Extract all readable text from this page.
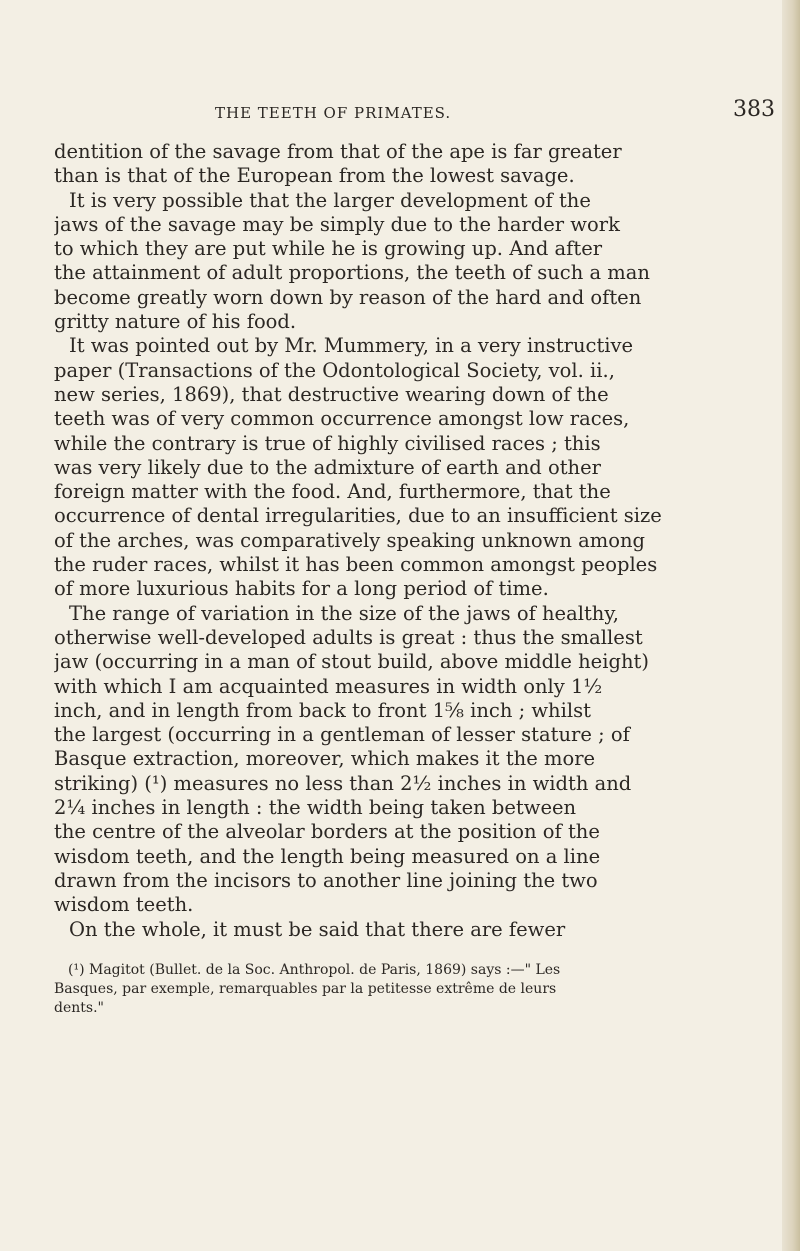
THE TEETH OF PRIMATES.	383
dentition of the savage from that of the ape is far greater
than is that of the European from the lowest savage.
It is very possible that the larger development of the
jaws of the savage may be simply due to the harder work
to which they are put while he is growing up. And after
the attainment of adult proportions, the teeth of such a man
become greatly worn down by reason of the hard and often
gritty nature of his food.
It was pointed out by Mr. Mummery, in a very instructive
paper (Transactions of the Odontological Society, vol. ii.,
new series, 1869), that destructive wearing down of the
teeth was of very common occurrence amongst low races,
while the contrary is true of highly civilised races ; this
was very likely due to the admixture of earth and other
foreign matter with the food. And, furthermore, that the
occurrence of dental irregularities, due to an insufficient size
of the arches, was comparatively speaking unknown among
the ruder races, whilst it has been common amongst peoples
of more luxurious habits for a long period of time.
The range of variation in the size of the jaws of healthy,
otherwise well-developed adults is great : thus the smallest
jaw (occurring in a man of stout build, above middle height)
with which I am acquainted measures in width only 1½
inch, and in length from back to front 1⅝ inch ; whilst
the largest (occurring in a gentleman of lesser stature ; of
Basque extraction, moreover, which makes it the more
striking) (¹) measures no less than 2½ inches in width and
2¼ inches in length : the width being taken between
the centre of the alveolar borders at the position of the
wisdom teeth, and the length being measured on a line
drawn from the incisors to another line joining the two
wisdom teeth.
On the whole, it must be said that there are fewer
(¹) Magitot (Bullet. de la Soc. Anthropol. de Paris, 1869) says :—" Les
Basques, par exemple, remarquables par la petitesse extrême de leurs
dents."
